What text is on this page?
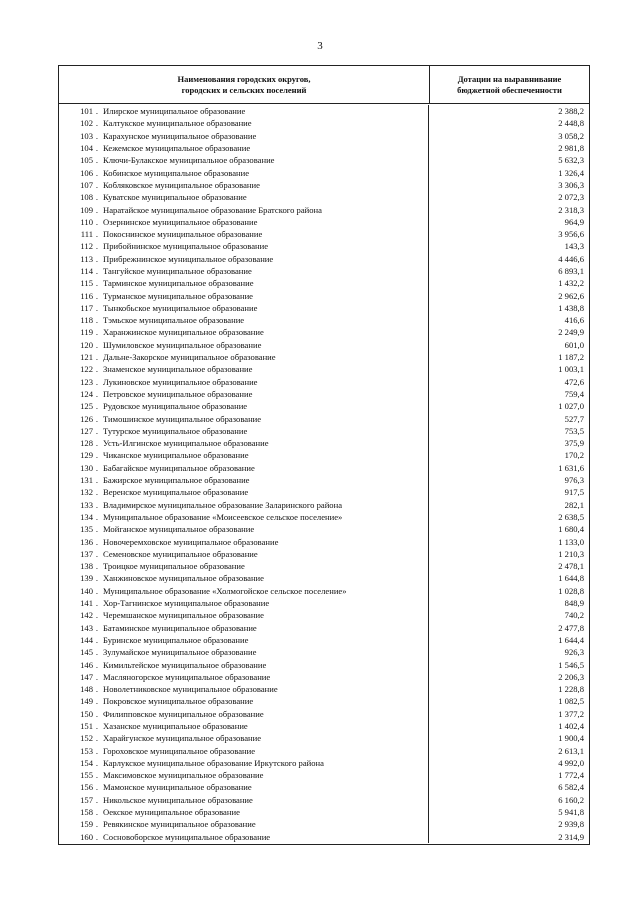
3
Наименования городских округов,
городских и сельских поселений
Дотации на выравнивание
бюджетной обеспеченности
101 . Илирское муниципальное образование	2 388,2
102 . Калтукское муниципальное образование	2 448,8
103 . Карахунское муниципальное образование	3 058,2
104 . Кежемское муниципальное образование	2 981,8
105 . Ключи-Булакское муниципальное образование	5 632,3
106 . Кобинское муниципальное образование	1 326,4
107 . Кобляковское муниципальное образование	3 306,3
108 . Куватское муниципальное образование	2 072,3
109 . Наратайское муниципальное образование Братского района	2 318,3
110 . Озернинское муниципальное образование	964,9
111 . Покоснинское муниципальное образование	3 956,6
112 . Прибойнинское муниципальное образование	143,3
113 . Прибрежнинское муниципальное образование	4 446,6
114 . Тангуйское муниципальное образование	6 893,1
115 . Тарминское муниципальное образование	1 432,2
116 . Турманское муниципальное образование	2 962,6
117 . Тынкобьское муниципальное образование	1 438,8
118 . Тэмьское муниципальное образование	416,6
119 . Харанжинское муниципальное образование	2 249,9
120 . Шумиловское муниципальное образование	601,0
121 . Дальне-Закорское муниципальное образование	1 187,2
122 . Знаменское муниципальное образование	1 003,1
123 . Лукиновское муниципальное образование	472,6
124 . Петровское муниципальное образование	759,4
125 . Рудовское муниципальное образование	1 027,0
126 . Тимошинское муниципальное образование	527,7
127 . Тутурское муниципальное образование	753,5
128 . Усть-Илгинское муниципальное образование	375,9
129 . Чиканское муниципальное образование	170,2
130 . Бабагайское муниципальное образование	1 631,6
131 . Бажирское муниципальное образование	976,3
132 . Веренское муниципальное образование	917,5
133 . Владимирское муниципальное образование Заларинского района	282,1
134 . Муниципальное образование «Моисеевское сельское поселение»	2 638,5
135 . Мойганское муниципальное образование	1 680,4
136 . Новочеремховское муниципальное образование	1 133,0
137 . Семеновское муниципальное образование	1 210,3
138 . Троицкое муниципальное образование	2 478,1
139 . Ханжиновское муниципальное образование	1 644,8
140 . Муниципальное образование «Холмогойское сельское поселение»	1 028,8
141 . Хор-Тагнинское муниципальное образование	848,9
142 . Черемшанское муниципальное образование	740,2
143 . Батаминское муниципальное образование	2 477,8
144 . Буринское муниципальное образование	1 644,4
145 . Зулумайское муниципальное образование	926,3
146 . Кимильтейское муниципальное образование	1 546,5
147 . Масляногорское муниципальное образование	2 206,3
148 . Новолетниковское муниципальное образование	1 228,8
149 . Покровское муниципальное образование	1 082,5
150 . Филипповское муниципальное образование	1 377,2
151 . Хазанское муниципальное образование	1 402,4
152 . Харайгунское муниципальное образование	1 900,4
153 . Гороховское муниципальное образование	2 613,1
154 . Карлукское муниципальное образование Иркутского района	4 992,0
155 . Максимовское муниципальное образование	1 772,4
156 . Мамонское муниципальное образование	6 582,4
157 . Никольское муниципальное образование	6 160,2
158 . Оекское муниципальное образование	5 941,8
159 . Ревякинское муниципальное образование	2 939,8
160 . Сосновоборское муниципальное образование	2 314,9
